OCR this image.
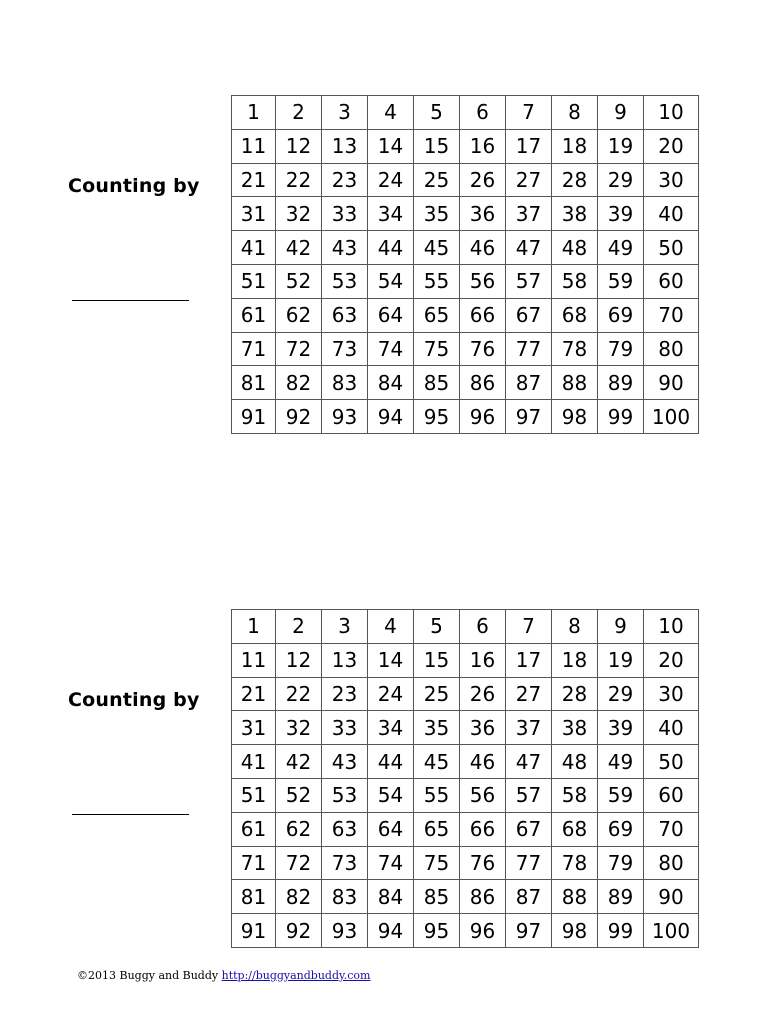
Counting by
1	2	3	4	5	6	7	8	9	10
11	12	13	14	15	16	17	18	19	20
21	22	23	24	25	26	27	28	29	30
31	32	33	34	35	36	37	38	39	40
41	42	43	44	45	46	47	48	49	50
51	52	53	54	55	56	57	58	59	60
61	62	63	64	65	66	67	68	69	70
71	72	73	74	75	76	77	78	79	80
81	82	83	84	85	86	87	88	89	90
91	92	93	94	95	96	97	98	99	100
Counting by
1	2	3	4	5	6	7	8	9	10
11	12	13	14	15	16	17	18	19	20
21	22	23	24	25	26	27	28	29	30
31	32	33	34	35	36	37	38	39	40
41	42	43	44	45	46	47	48	49	50
51	52	53	54	55	56	57	58	59	60
61	62	63	64	65	66	67	68	69	70
71	72	73	74	75	76	77	78	79	80
81	82	83	84	85	86	87	88	89	90
91	92	93	94	95	96	97	98	99	100
©2013 Buggy and Buddy http://buggyandbuddy.com
